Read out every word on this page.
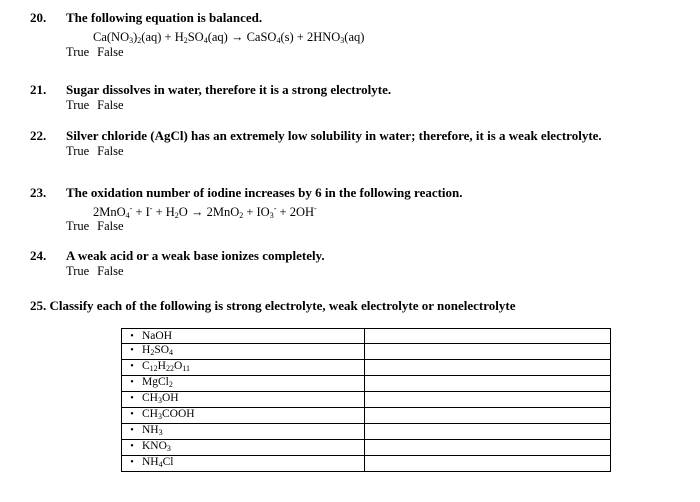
20. The following equation is balanced.
$Ca(NO_3)_2(aq) + H_2SO_4(aq)$ → CaSO$_4$(s) + $2HNO_3(aq)$
True False
21. Sugar dissolves in water, therefore it is a strong electrolyte.
True False
22. Silver chloride (AgCl) has an extremely low solubility in water; therefore, it is a weak electrolyte.
True False
23. The oxidation number of iodine increases by 6 in the following reaction.
$2MnO_4^- + I^- + H_2O \to 2MnO_2 + IO_3^- + 2OH^-$
True False
24. A weak acid or a weak base ionizes completely.
True False
25. Classify each of the following is strong electrolyte, weak electrolyte or nonelectrolyte
• NaOH	
• $H_2SO_4$	
• $C_{12}H_{22}O_{11}$	
• MgCl$_2$	
• $CH_3OH$	
• $CH_3COOH$	
• $NH_3$	
• $KNO_3$	
• $NH_4Cl$	
